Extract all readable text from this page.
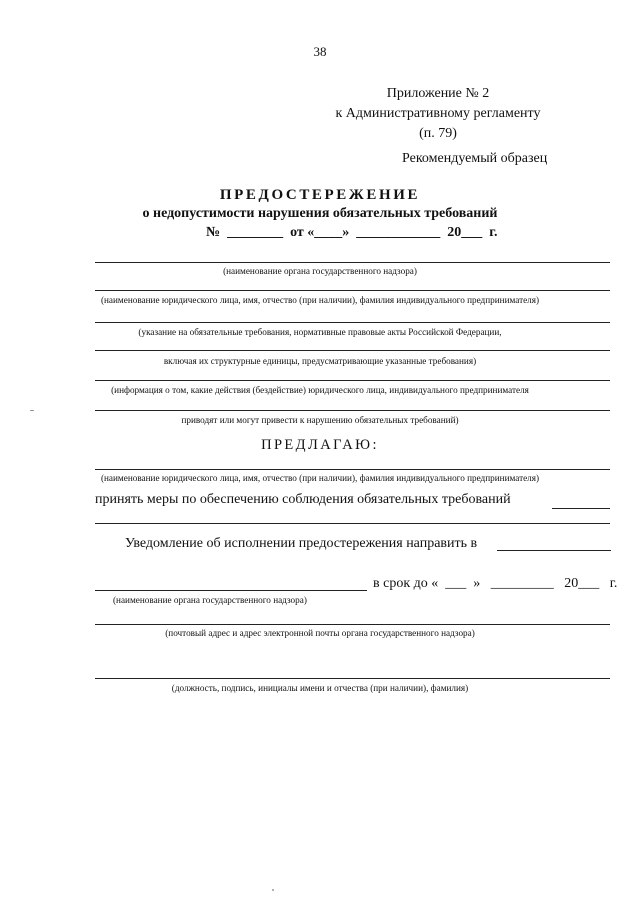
38
Приложение № 2
к Административному регламенту
(п. 79)
Рекомендуемый образец
ПРЕДОСТЕРЕЖЕНИЕ
о недопустимости нарушения обязательных требований
№  ________  от «____»  ____________  20___  г.
(наименование органа государственного надзора)
(наименование юридического лица, имя, отчество (при наличии), фамилия индивидуального предпринимателя)
(указание на обязательные требования, нормативные правовые акты Российской Федерации,
включая их структурные единицы, предусматривающие указанные требования)
(информация о том, какие действия (бездействие) юридического лица, индивидуального предпринимателя
приводят или могут привести к нарушению обязательных требований)
ПРЕДЛАГАЮ:
(наименование юридического лица, имя, отчество (при наличии), фамилия индивидуального предпринимателя)
принять меры по обеспечению соблюдения обязательных требований
Уведомление об исполнении предостережения направить в
в срок до «  ___  »   _________   20___   г.
(наименование органа государственного надзора)
(почтовый адрес и адрес электронной почты органа государственного надзора)
(должность, подпись, инициалы имени и отчества (при наличии), фамилия)
